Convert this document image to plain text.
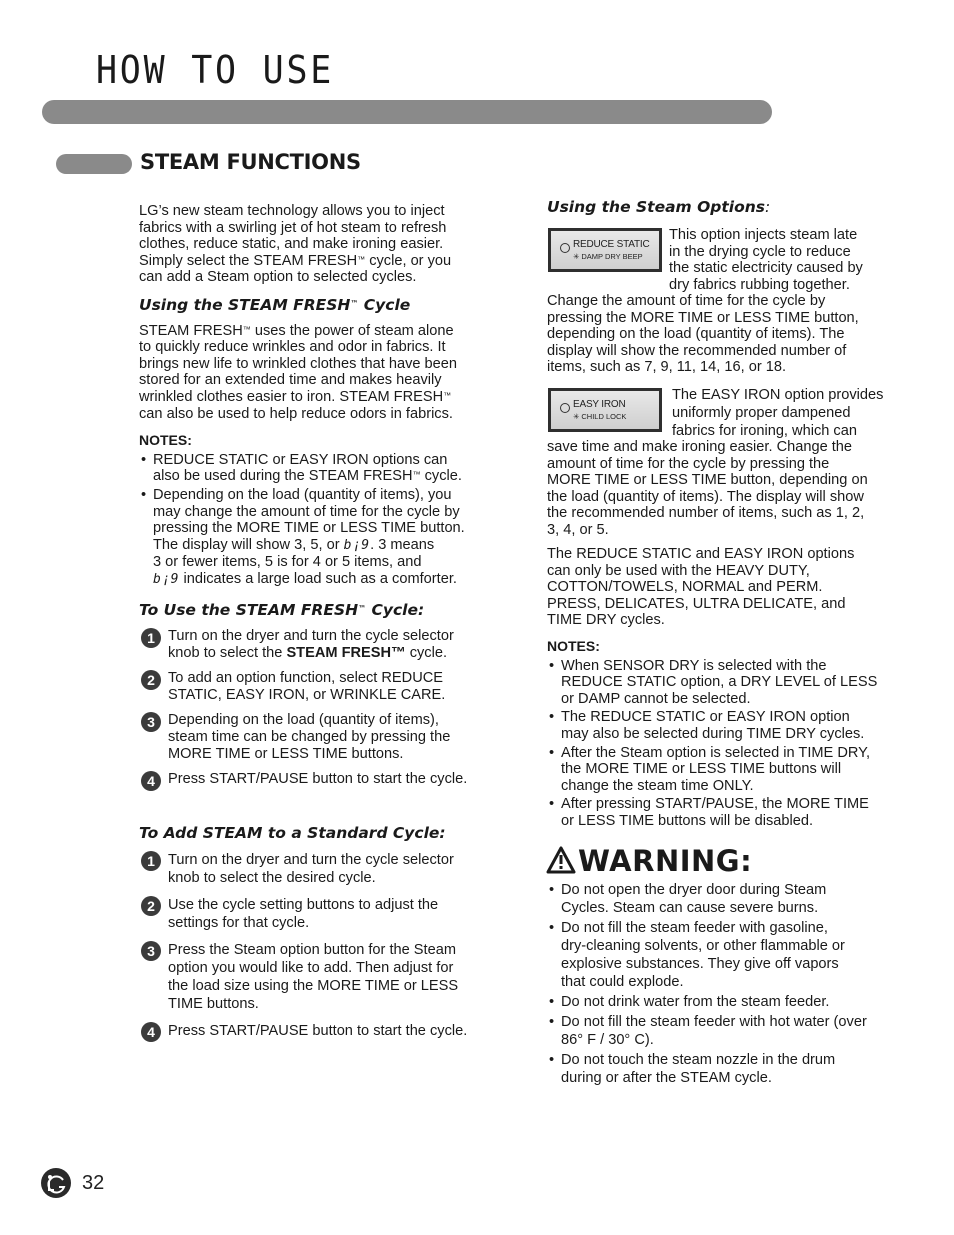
HOW TO USE
STEAM FUNCTIONS

LG’s new steam technology allows you to inject
fabrics with a swirling jet of hot steam to refresh
clothes, reduce static, and make ironing easier.
Simply select the STEAM FRESH™ cycle, or you
can add a Steam option to selected cycles.

Using the STEAM FRESH™ Cycle

STEAM FRESH™ uses the power of steam alone
to quickly reduce wrinkles and odor in fabrics. It
brings new life to wrinkled clothes that have been
stored for an extended time and makes heavily
wrinkled clothes easier to iron. STEAM FRESH™
can also be used to help reduce odors in fabrics.

NOTES:

• REDUCE STATIC or EASY IRON options can
also be used during the STEAM FRESH™ cycle.
• Depending on the load (quantity of items), you
may change the amount of time for the cycle by
pressing the MORE TIME or LESS TIME button.
The display will show 3, 5, or b¡9. 3 means
3 or fewer items, 5 is for 4 or 5 items, and
b¡9 indicates a large load such as a comforter.

To Use the STEAM FRESH™ Cycle:

1 Turn on the dryer and turn the cycle selector
knob to select the STEAM FRESH™ cycle.
2 To add an option function, select REDUCE
STATIC, EASY IRON, or WRINKLE CARE.
3 Depending on the load (quantity of items),
steam time can be changed by pressing the
MORE TIME or LESS TIME buttons.
4 Press START/PAUSE button to start the cycle.

To Add STEAM to a Standard Cycle:

1 Turn on the dryer and turn the cycle selector
knob to select the desired cycle.
2 Use the cycle setting buttons to adjust the
settings for that cycle.
3 Press the Steam option button for the Steam
option you would like to add. Then adjust for
the load size using the MORE TIME or LESS
TIME buttons.
4 Press START/PAUSE button to start the cycle.

Using the Steam Options:

REDUCE STATIC
✳ DAMP DRY BEEP
This option injects steam late
in the drying cycle to reduce
the static electricity caused by
dry fabrics rubbing together.
Change the amount of time for the cycle by
pressing the MORE TIME or LESS TIME button,
depending on the load (quantity of items). The
display will show the recommended number of
items, such as 7, 9, 11, 14, 16, or 18.
EASY IRON
✳ CHILD LOCK
The EASY IRON option provides
uniformly proper dampened
fabrics for ironing, which can
save time and make ironing easier. Change the
amount of time for the cycle by pressing the
MORE TIME or LESS TIME button, depending on
the load (quantity of items). The display will show
the recommended number of items, such as 1, 2,
3, 4, or 5.
The REDUCE STATIC and EASY IRON options
can only be used with the HEAVY DUTY,
COTTON/TOWELS, NORMAL and PERM.
PRESS, DELICATES, ULTRA DELICATE, and
TIME DRY cycles.

NOTES:

• When SENSOR DRY is selected with the
REDUCE STATIC option, a DRY LEVEL of LESS
or DAMP cannot be selected.
• The REDUCE STATIC or EASY IRON option
may also be selected during TIME DRY cycles.
• After the Steam option is selected in TIME DRY,
the MORE TIME or LESS TIME buttons will
change the steam time ONLY.
• After pressing START/PAUSE, the MORE TIME
or LESS TIME buttons will be disabled.
WARNING:
• Do not open the dryer door during Steam
Cycles. Steam can cause severe burns.
• Do not fill the steam feeder with gasoline,
dry-cleaning solvents, or other flammable or
explosive substances. They give off vapors
that could explode.
• Do not drink water from the steam feeder.
• Do not fill the steam feeder with hot water (over
86° F / 30° C).
• Do not touch the steam nozzle in the drum
during or after the STEAM cycle.
32
